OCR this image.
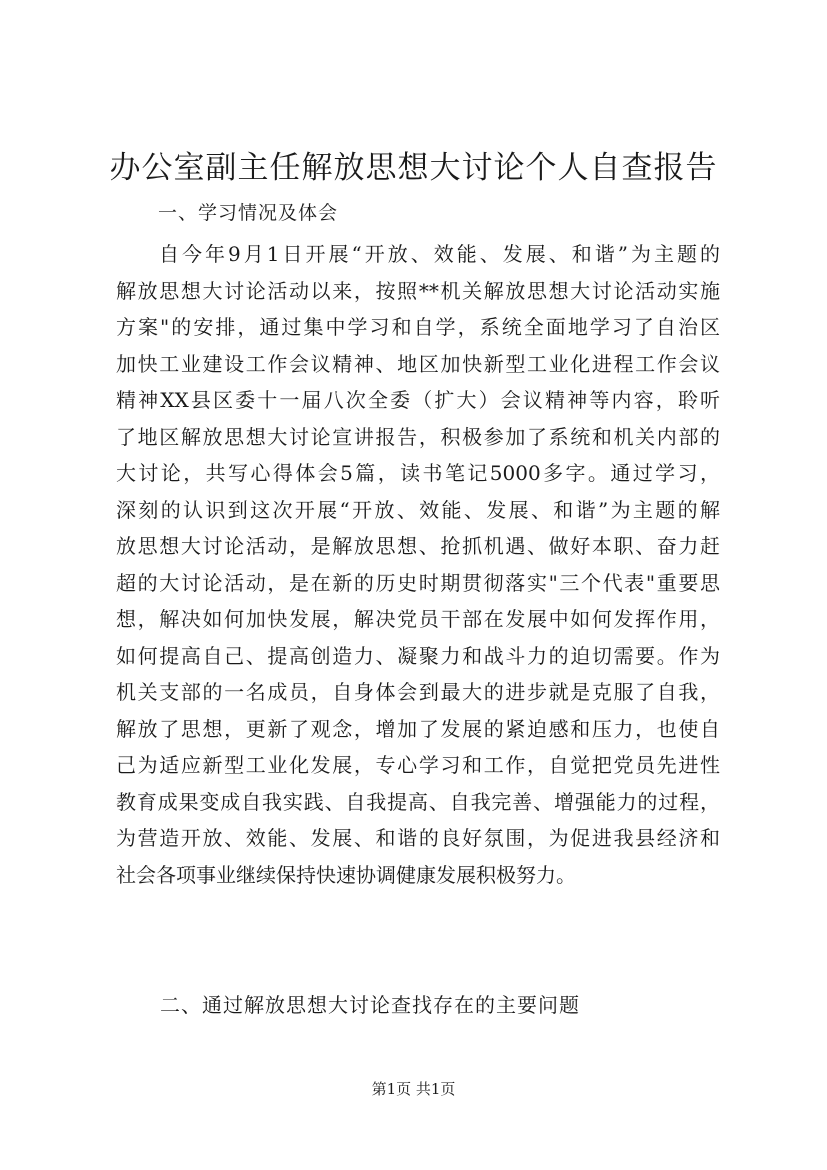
办公室副主任解放思想大讨论个人自查报告
一、学习情况及体会
自今年9月1日开展“开放、效能、发展、和谐”为主题的
解放思想大讨论活动以来，按照**机关解放思想大讨论活动实施
方案"的安排，通过集中学习和自学，系统全面地学习了自治区
加快工业建设工作会议精神、地区加快新型工业化进程工作会议
精神XX县区委十一届八次全委（扩大）会议精神等内容，聆听
了地区解放思想大讨论宣讲报告，积极参加了系统和机关内部的
大讨论，共写心得体会5篇，读书笔记5000多字。通过学习，
深刻的认识到这次开展“开放、效能、发展、和谐”为主题的解
放思想大讨论活动，是解放思想、抢抓机遇、做好本职、奋力赶
超的大讨论活动，是在新的历史时期贯彻落实"三个代表"重要思
想，解决如何加快发展，解决党员干部在发展中如何发挥作用，
如何提高自己、提高创造力、凝聚力和战斗力的迫切需要。作为
机关支部的一名成员，自身体会到最大的进步就是克服了自我，
解放了思想，更新了观念，增加了发展的紧迫感和压力，也使自
己为适应新型工业化发展，专心学习和工作，自觉把党员先进性
教育成果变成自我实践、自我提高、自我完善、增强能力的过程，
为营造开放、效能、发展、和谐的良好氛围，为促进我县经济和
社会各项事业继续保持快速协调健康发展积极努力。
二、通过解放思想大讨论查找存在的主要问题
第1页 共1页
